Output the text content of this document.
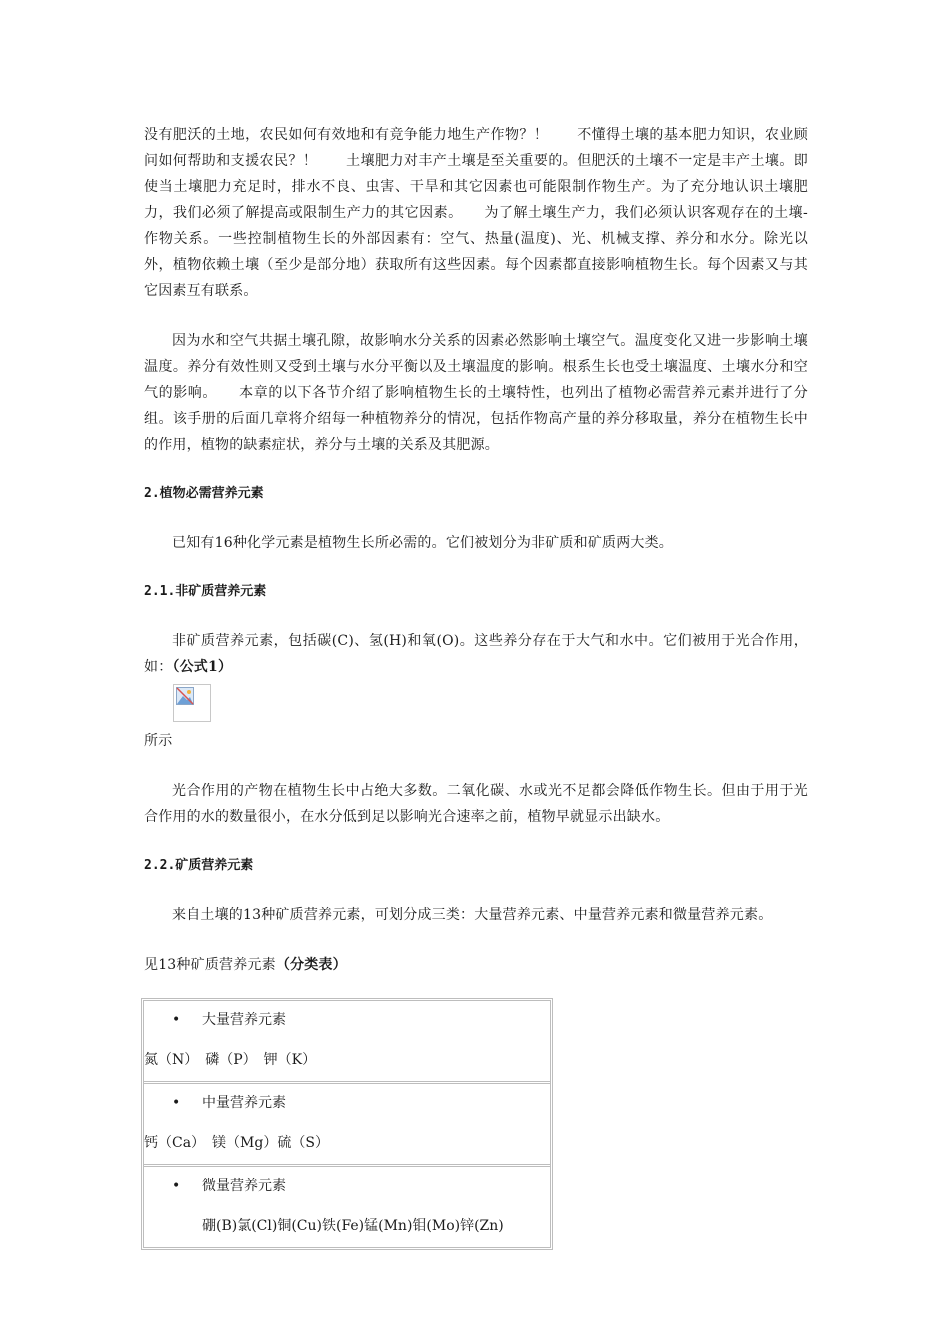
没有肥沃的土地，农民如何有效地和有竞争能力地生产作物？！　　不懂得土壤的基本肥力知识，农业顾问如何帮助和支援农民？！　　土壤肥力对丰产土壤是至关重要的。但肥沃的土壤不一定是丰产土壤。即使当土壤肥力充足时，排水不良、虫害、干旱和其它因素也可能限制作物生产。为了充分地认识土壤肥力，我们必须了解提高或限制生产力的其它因素。　　为了解土壤生产力，我们必须认识客观存在的土壤-作物关系。一些控制植物生长的外部因素有：空气、热量(温度)、光、机械支撑、养分和水分。除光以外，植物依赖土壤（至少是部分地）获取所有这些因素。每个因素都直接影响植物生长。每个因素又与其它因素互有联系。

因为水和空气共据土壤孔隙，故影响水分关系的因素必然影响土壤空气。温度变化又进一步影响土壤温度。养分有效性则又受到土壤与水分平衡以及土壤温度的影响。根系生长也受土壤温度、土壤水分和空气的影响。　　本章的以下各节介绍了影响植物生长的土壤特性，也列出了植物必需营养元素并进行了分组。该手册的后面几章将介绍每一种植物养分的情况，包括作物高产量的养分移取量，养分在植物生长中的作用，植物的缺素症状，养分与土壤的关系及其肥源。

2.植物必需营养元素

已知有16种化学元素是植物生长所必需的。它们被划分为非矿质和矿质两大类。

2.1.非矿质营养元素

非矿质营养元素，包括碳(C)、氢(H)和氧(O)。这些养分存在于大气和水中。它们被用于光合作用，如：（公式1）

所示

光合作用的产物在植物生长中占绝大多数。二氧化碳、水或光不足都会降低作物生长。但由于用于光合作用的水的数量很小，在水分低到足以影响光合速率之前，植物早就显示出缺水。

2.2.矿质营养元素

来自土壤的13种矿质营养元素，可划分成三类：大量营养元素、中量营养元素和微量营养元素。

见13种矿质营养元素（分类表）

• 大量营养元素
氮（N）　磷（P）　钾（K）
• 中量营养元素
钙（Ca）　镁（Mg）硫（S）
• 微量营养元素
硼(B)氯(Cl)铜(Cu)铁(Fe)锰(Mn)钼(Mo)锌(Zn)
